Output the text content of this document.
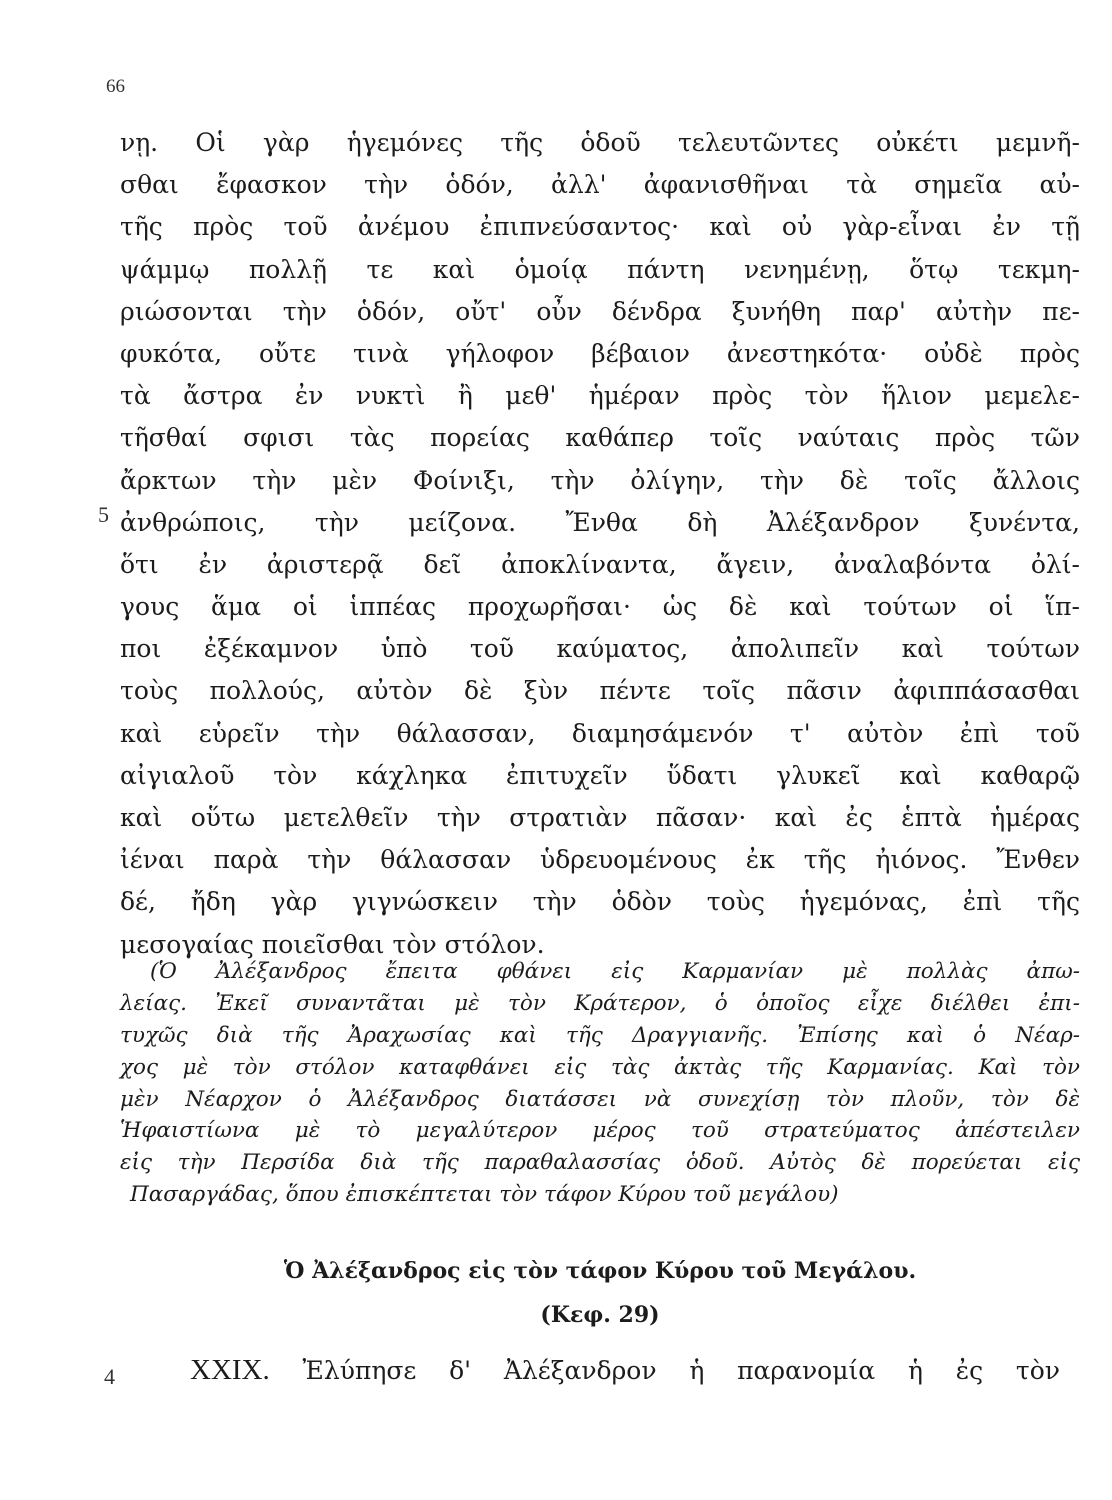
66
νῃ. Οἱ γὰρ ἡγεμόνες τῆς ὁδοῦ τελευτῶντες οὐκέτι μεμνῆ-
σθαι ἔφασκον τὴν ὁδόν, ἀλλ' ἀφανισθῆναι τὰ σημεῖα αὐ-
τῆς πρὸς τοῦ ἀνέμου ἐπιπνεύσαντος· καὶ οὐ γὰρ-εἶναι ἐν τῇ
ψάμμῳ πολλῇ τε καὶ ὁμοίᾳ πάντη νενημένῃ, ὅτῳ τεκμη-
ριώσονται τὴν ὁδόν, οὔτ' οὖν δένδρα ξυνήθη παρ' αὐτὴν πε-
φυκότα, οὔτε τινὰ γήλοφον βέβαιον ἀνεστηκότα· οὐδὲ πρὸς
τὰ ἄστρα ἐν νυκτὶ ἢ μεθ' ἡμέραν πρὸς τὸν ἥλιον μεμελε-
τῆσθαί σφισι τὰς πορείας καθάπερ τοῖς ναύταις πρὸς τῶν
ἄρκτων τὴν μὲν Φοίνιξι, τὴν ὀλίγην, τὴν δὲ τοῖς ἄλλοις
ἀνθρώποις, τὴν μείζονα. Ἔνθα δὴ Ἀλέξανδρον ξυνέντα,
ὅτι ἐν ἀριστερᾷ δεῖ ἀποκλίναντα, ἄγειν, ἀναλαβόντα ὀλί-
γους ἅμα οἱ ἱππέας προχωρῆσαι· ὡς δὲ καὶ τούτων οἱ ἵπ-
ποι ἐξέκαμνον ὑπὸ τοῦ καύματος, ἀπολιπεῖν καὶ τούτων
τοὺς πολλούς, αὐτὸν δὲ ξὺν πέντε τοῖς πᾶσιν ἀφιππάσασθαι
καὶ εὑρεῖν τὴν θάλασσαν, διαμησάμενόν τ' αὐτὸν ἐπὶ τοῦ
αἰγιαλοῦ τὸν κάχληκα ἐπιτυχεῖν ὕδατι γλυκεῖ καὶ καθαρῷ
καὶ οὕτω μετελθεῖν τὴν στρατιὰν πᾶσαν· καὶ ἐς ἑπτὰ ἡμέρας
ἰέναι παρὰ τὴν θάλασσαν ὑδρευομένους ἐκ τῆς ἠιόνος. Ἔνθεν
δέ, ἤδη γὰρ γιγνώσκειν τὴν ὁδὸν τοὺς ἡγεμόνας, ἐπὶ τῆς
μεσογαίας ποιεῖσθαι τὸν στόλον.
5
(Ὁ Ἀλέξανδρος ἔπειτα φθάνει εἰς Καρμανίαν μὲ πολλὰς ἀπω-
λείας. Ἐκεῖ συναντᾶται μὲ τὸν Κράτερον, ὁ ὁποῖος εἶχε διέλθει ἐπι-
τυχῶς διὰ τῆς Ἀραχωσίας καὶ τῆς Δραγγιανῆς. Ἐπίσης καὶ ὁ Νέαρ-
χος μὲ τὸν στόλον καταφθάνει εἰς τὰς ἀκτὰς τῆς Καρμανίας. Καὶ τὸν
μὲν Νέαρχον ὁ Ἀλέξανδρος διατάσσει νὰ συνεχίσῃ τὸν πλοῦν, τὸν δὲ
Ἡφαιστίωνα μὲ τὸ μεγαλύτερον μέρος τοῦ στρατεύματος ἀπέστειλεν
εἰς τὴν Περσίδα διὰ τῆς παραθαλασσίας ὁδοῦ. Αὐτὸς δὲ πορεύεται εἰς
Πασαργάδας, ὅπου ἐπισκέπτεται τὸν τάφον Κύρου τοῦ μεγάλου)
Ὁ Ἀλέξανδρος εἰς τὸν τάφον Κύρου τοῦ Μεγάλου.
(Κεφ. 29)
4	XXIX. Ἐλύπησε δ' Ἀλέξανδρον ἡ παρανομία ἡ ἐς τὸν
